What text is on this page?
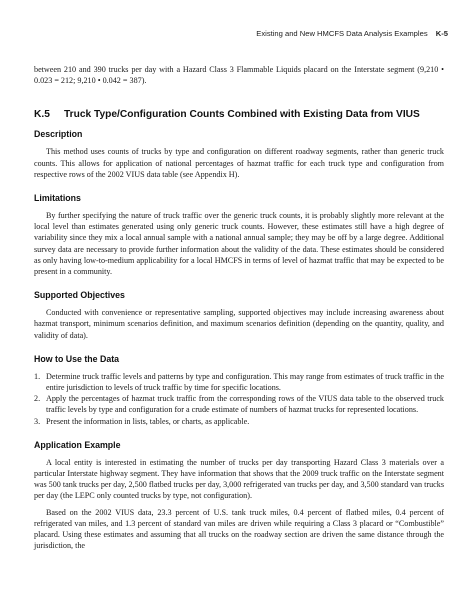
Existing and New HMCFS Data Analysis Examples K-5

between 210 and 390 trucks per day with a Hazard Class 3 Flammable Liquids placard on the Interstate segment (9,210 • 0.023 = 212; 9,210 • 0.042 = 387).

K.5	Truck Type/Configuration Counts Combined with Existing Data from VIUS
Description

This method uses counts of trucks by type and configuration on different roadway segments, rather than generic truck counts. This allows for application of national percentages of hazmat traffic for each truck type and configuration from respective rows of the 2002 VIUS data table (see Appendix H).

Limitations

By further specifying the nature of truck traffic over the generic truck counts, it is probably slightly more relevant at the local level than estimates generated using only generic truck counts. However, these estimates still have a high degree of variability since they mix a local annual sample with a national annual sample; they may be off by a large degree. Additional survey data are necessary to provide further information about the validity of the data. These estimates should be considered as only having low-to-medium applicability for a local HMCFS in terms of level of hazmat traffic that may be expected to be present in a community.

Supported Objectives

Conducted with convenience or representative sampling, supported objectives may include increasing awareness about hazmat transport, minimum scenarios definition, and maximum scenarios definition (depending on the quantity, quality, and validity of data).

How to Use the Data
1. Determine truck traffic levels and patterns by type and configuration. This may range from estimates of truck traffic in the entire jurisdiction to levels of truck traffic by time for specific locations.
2. Apply the percentages of hazmat truck traffic from the corresponding rows of the VIUS data table to the observed truck traffic levels by type and configuration for a crude estimate of numbers of hazmat trucks for represented locations.
3. Present the information in lists, tables, or charts, as applicable.
Application Example

A local entity is interested in estimating the number of trucks per day transporting Hazard Class 3 materials over a particular Interstate highway segment. They have information that shows that the 2009 truck traffic on the Interstate segment was 500 tank trucks per day, 2,500 flatbed trucks per day, 3,000 refrigerated van trucks per day, and 3,500 standard van trucks per day (the LEPC only counted trucks by type, not configuration).

Based on the 2002 VIUS data, 23.3 percent of U.S. tank truck miles, 0.4 percent of flatbed miles, 0.4 percent of refrigerated van miles, and 1.3 percent of standard van miles are driven while requiring a Class 3 placard or “Combustible” placard. Using these estimates and assuming that all trucks on the roadway section are driven the same distance through the jurisdiction, the
